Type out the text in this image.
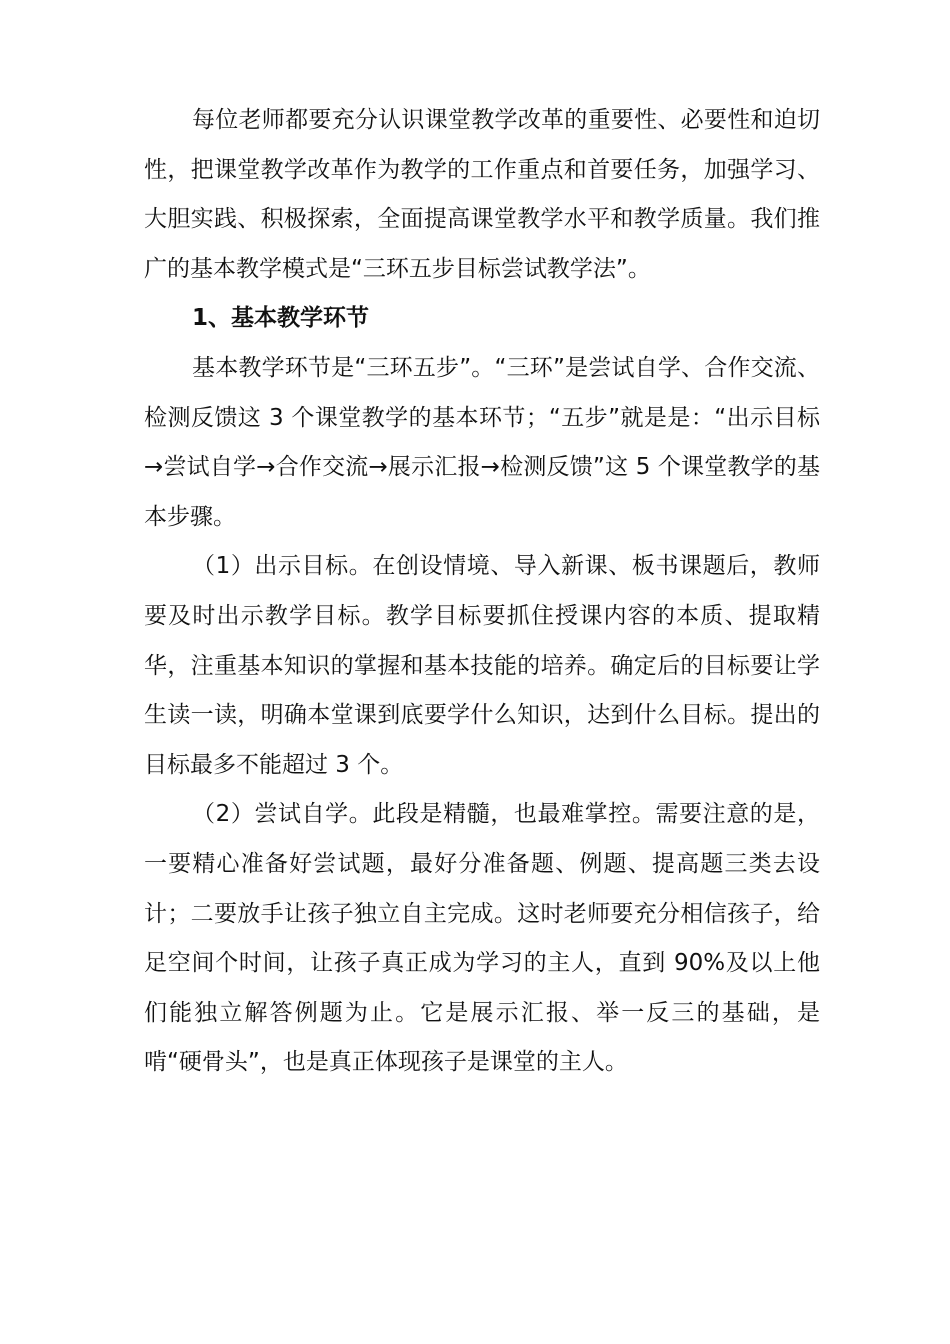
每位老师都要充分认识课堂教学改革的重要性、必要性和迫切性，把课堂教学改革作为教学的工作重点和首要任务，加强学习、大胆实践、积极探索，全面提高课堂教学水平和教学质量。我们推广的基本教学模式是“三环五步目标尝试教学法”。

1、基本教学环节

基本教学环节是“三环五步”。“三环”是尝试自学、合作交流、检测反馈这 3 个课堂教学的基本环节；“五步”就是是：“出示目标→尝试自学→合作交流→展示汇报→检测反馈”这 5 个课堂教学的基本步骤。

（1）出示目标。在创设情境、导入新课、板书课题后，教师要及时出示教学目标。教学目标要抓住授课内容的本质、提取精华，注重基本知识的掌握和基本技能的培养。确定后的目标要让学生读一读，明确本堂课到底要学什么知识，达到什么目标。提出的目标最多不能超过 3 个。

（2）尝试自学。此段是精髓，也最难掌控。需要注意的是，一要精心准备好尝试题，最好分准备题、例题、提高题三类去设计；二要放手让孩子独立自主完成。这时老师要充分相信孩子，给足空间个时间，让孩子真正成为学习的主人，直到 90%及以上他们能独立解答例题为止。它是展示汇报、举一反三的基础，是啃“硬骨头”，也是真正体现孩子是课堂的主人。
